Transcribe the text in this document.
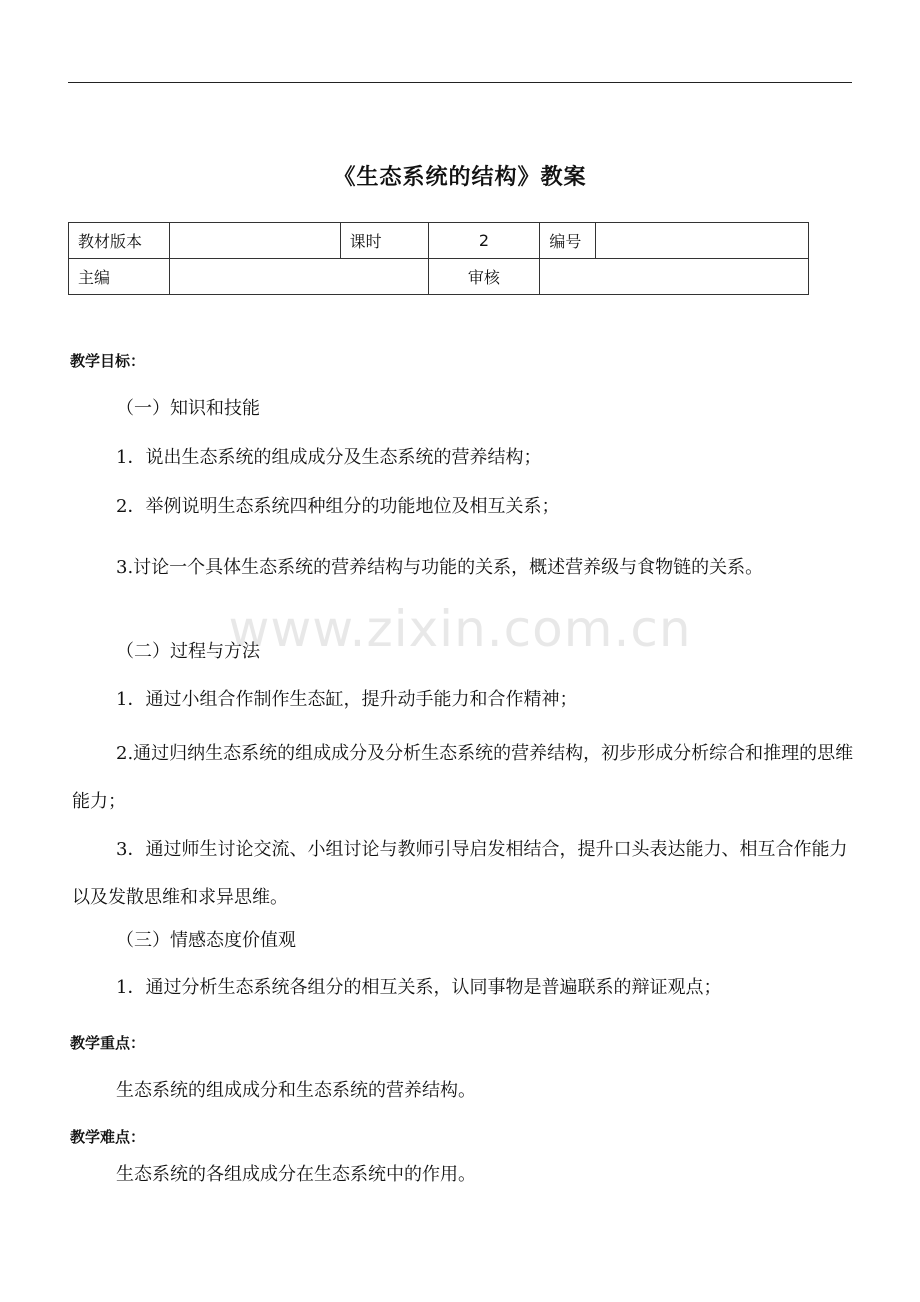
《生态系统的结构》教案
教材版本		课时	2	编号	
主编			审核		
教学目标：
（一）知识和技能
1．说出生态系统的组成成分及生态系统的营养结构；
2．举例说明生态系统四种组分的功能地位及相互关系；
3.讨论一个具体生态系统的营养结构与功能的关系，概述营养级与食物链的关系。
（二）过程与方法
1．通过小组合作制作生态缸，提升动手能力和合作精神；
2.通过归纳生态系统的组成成分及分析生态系统的营养结构，初步形成分析综合和推理的思维能力；
3．通过师生讨论交流、小组讨论与教师引导启发相结合，提升口头表达能力、相互合作能力以及发散思维和求异思维。
（三）情感态度价值观
1．通过分析生态系统各组分的相互关系，认同事物是普遍联系的辩证观点；
教学重点：
生态系统的组成成分和生态系统的营养结构。
教学难点：
生态系统的各组成成分在生态系统中的作用。
www.zixin.com.cn
